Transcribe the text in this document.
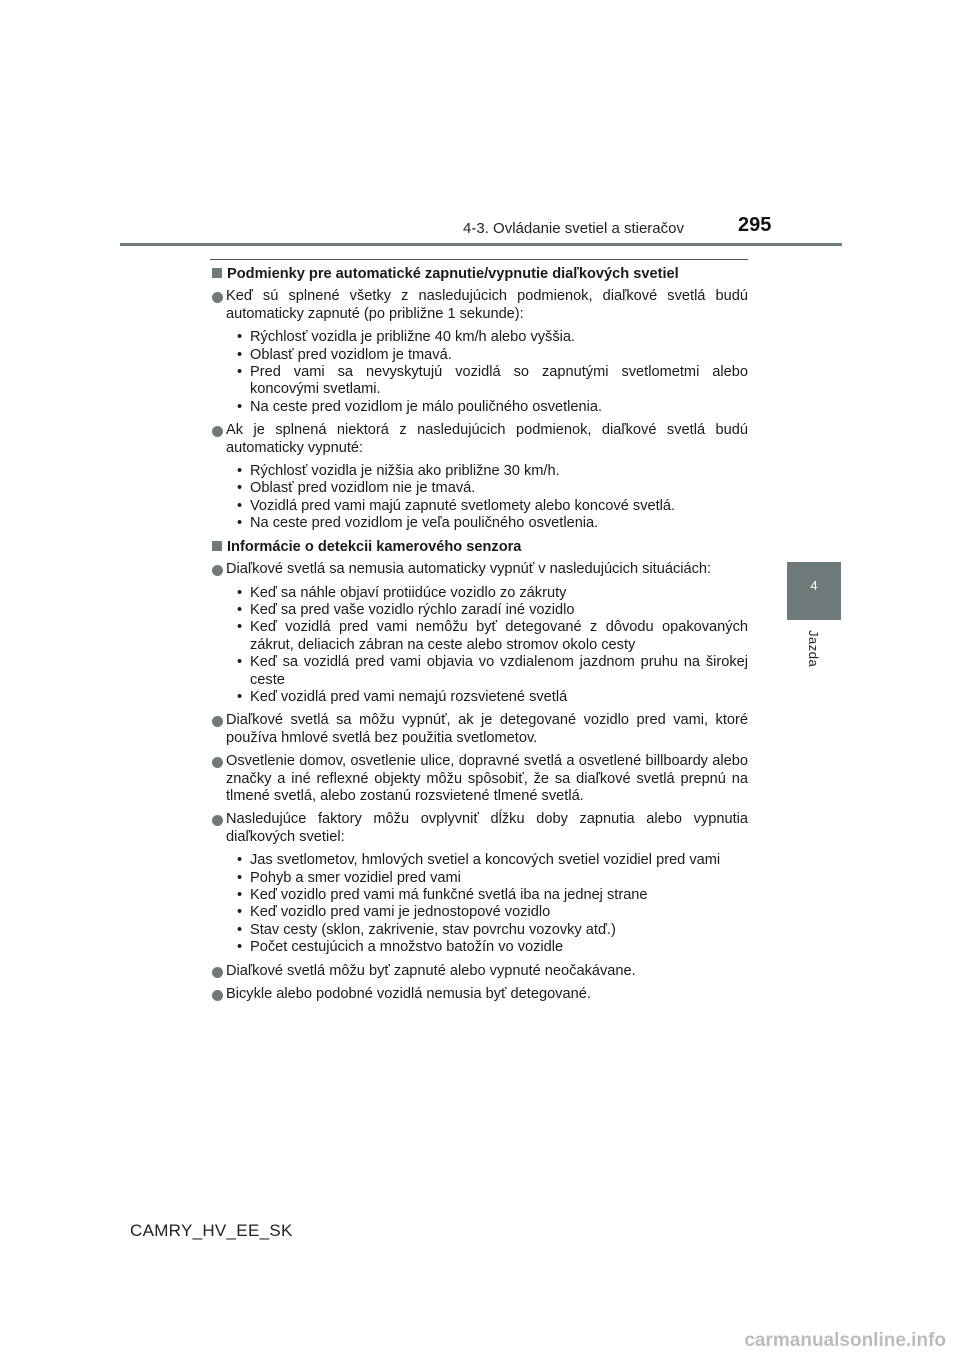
4-3. Ovládanie svetiel a stieračov	295
4
Jazda
Podmienky pre automatické zapnutie/vypnutie diaľkových svetiel
Keď sú splnené všetky z nasledujúcich podmienok, diaľkové svetlá budú automaticky zapnuté (po približne 1 sekunde):
• Rýchlosť vozidla je približne 40 km/h alebo vyššia.
• Oblasť pred vozidlom je tmavá.
• Pred vami sa nevyskytujú vozidlá so zapnutými svetlometmi alebo koncovými svetlami.
• Na ceste pred vozidlom je málo pouličného osvetlenia.
Ak je splnená niektorá z nasledujúcich podmienok, diaľkové svetlá budú automaticky vypnuté:
• Rýchlosť vozidla je nižšia ako približne 30 km/h.
• Oblasť pred vozidlom nie je tmavá.
• Vozidlá pred vami majú zapnuté svetlomety alebo koncové svetlá.
• Na ceste pred vozidlom je veľa pouličného osvetlenia.
Informácie o detekcii kamerového senzora
Diaľkové svetlá sa nemusia automaticky vypnúť v nasledujúcich situáciách:
• Keď sa náhle objaví protiidúce vozidlo zo zákruty
• Keď sa pred vaše vozidlo rýchlo zaradí iné vozidlo
• Keď vozidlá pred vami nemôžu byť detegované z dôvodu opakovaných zákrut, deliacich zábran na ceste alebo stromov okolo cesty
• Keď sa vozidlá pred vami objavia vo vzdialenom jazdnom pruhu na širokej ceste
• Keď vozidlá pred vami nemajú rozsvietené svetlá
Diaľkové svetlá sa môžu vypnúť, ak je detegované vozidlo pred vami, ktoré používa hmlové svetlá bez použitia svetlometov.
Osvetlenie domov, osvetlenie ulice, dopravné svetlá a osvetlené billboardy alebo značky a iné reflexné objekty môžu spôsobiť, že sa diaľkové svetlá prepnú na tlmené svetlá, alebo zostanú rozsvietené tlmené svetlá.
Nasledujúce faktory môžu ovplyvniť dĺžku doby zapnutia alebo vypnutia diaľkových svetiel:
• Jas svetlometov, hmlových svetiel a koncových svetiel vozidiel pred vami
• Pohyb a smer vozidiel pred vami
• Keď vozidlo pred vami má funkčné svetlá iba na jednej strane
• Keď vozidlo pred vami je jednostopové vozidlo
• Stav cesty (sklon, zakrivenie, stav povrchu vozovky atď.)
• Počet cestujúcich a množstvo batožín vo vozidle
Diaľkové svetlá môžu byť zapnuté alebo vypnuté neočakávane.
Bicykle alebo podobné vozidlá nemusia byť detegované.
CAMRY_HV_EE_SK
carmanualsonline.info
